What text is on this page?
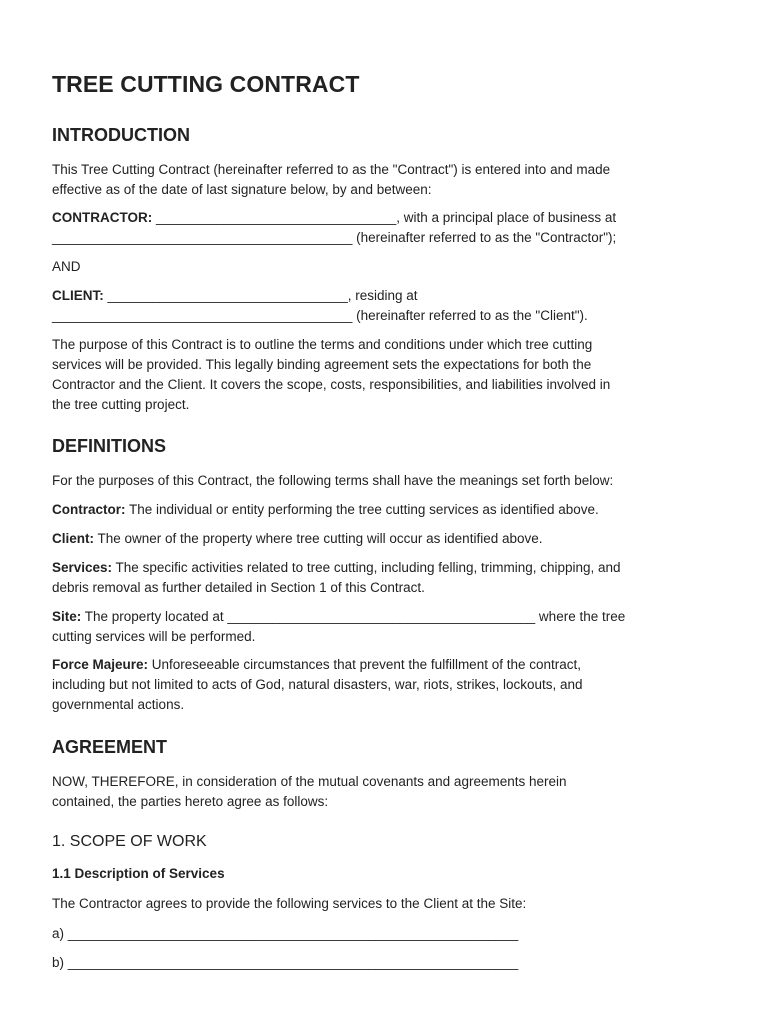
TREE CUTTING CONTRACT
INTRODUCTION

This Tree Cutting Contract (hereinafter referred to as the "Contract") is entered into and made
effective as of the date of last signature below, by and between:

CONTRACTOR: ________________________________, with a principal place of business at
________________________________________ (hereinafter referred to as the "Contractor");

AND

CLIENT: ________________________________, residing at
________________________________________ (hereinafter referred to as the "Client").

The purpose of this Contract is to outline the terms and conditions under which tree cutting
services will be provided. This legally binding agreement sets the expectations for both the
Contractor and the Client. It covers the scope, costs, responsibilities, and liabilities involved in
the tree cutting project.

DEFINITIONS

For the purposes of this Contract, the following terms shall have the meanings set forth below:

Contractor: The individual or entity performing the tree cutting services as identified above.

Client: The owner of the property where tree cutting will occur as identified above.

Services: The specific activities related to tree cutting, including felling, trimming, chipping, and
debris removal as further detailed in Section 1 of this Contract.

Site: The property located at _________________________________________ where the tree
cutting services will be performed.

Force Majeure: Unforeseeable circumstances that prevent the fulfillment of the contract,
including but not limited to acts of God, natural disasters, war, riots, strikes, lockouts, and
governmental actions.

AGREEMENT

NOW, THEREFORE, in consideration of the mutual covenants and agreements herein
contained, the parties hereto agree as follows:

1. SCOPE OF WORK
1.1 Description of Services

The Contractor agrees to provide the following services to the Client at the Site:

a) ____________________________________________________________

b) ____________________________________________________________
